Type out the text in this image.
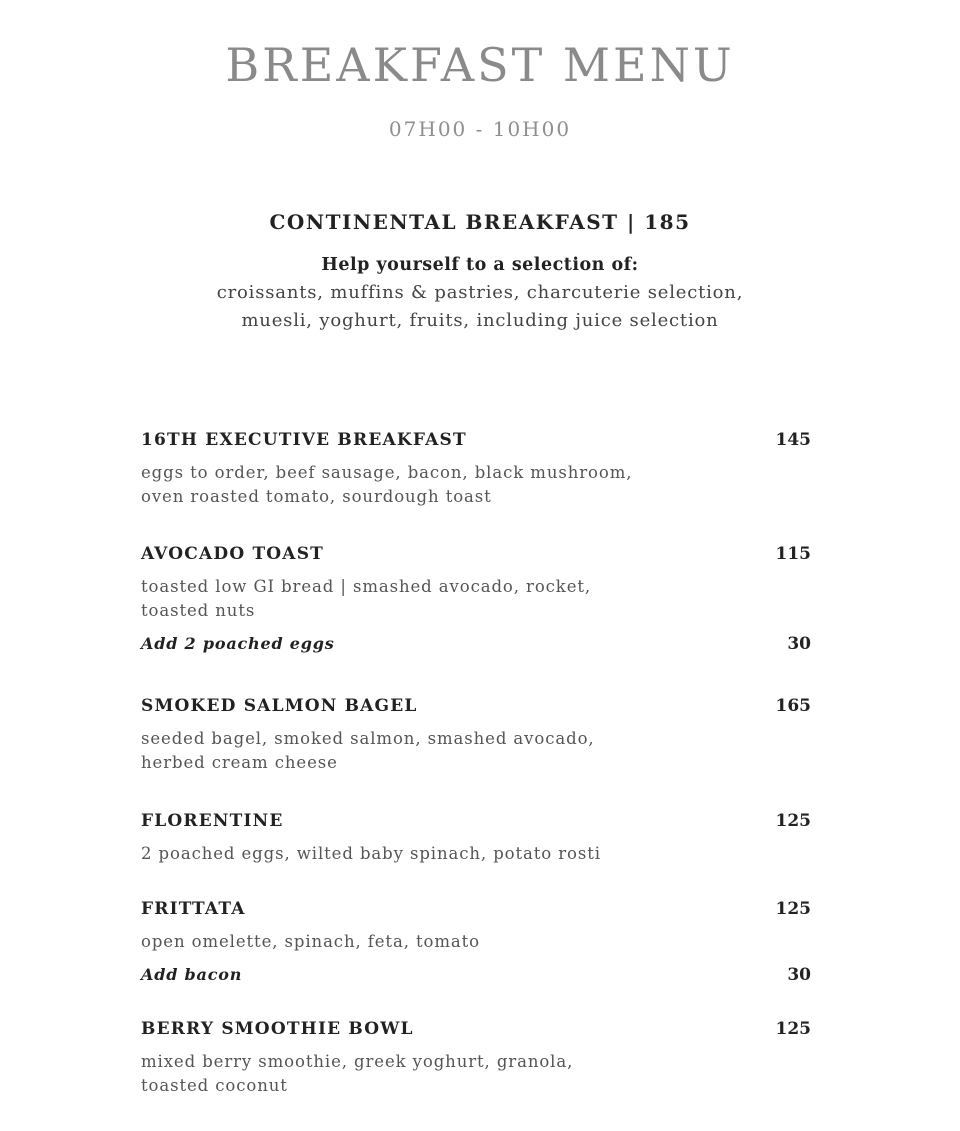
BREAKFAST MENU
07H00 - 10H00
CONTINENTAL BREAKFAST | 185
Help yourself to a selection of:
croissants, muffins & pastries, charcuterie selection,
muesli, yoghurt, fruits, including juice selection
16TH EXECUTIVE BREAKFAST	145
eggs to order, beef sausage, bacon, black mushroom,
oven roasted tomato, sourdough toast
AVOCADO TOAST	115
toasted low GI bread | smashed avocado, rocket,
toasted nuts
Add 2 poached eggs	30
SMOKED SALMON BAGEL	165
seeded bagel, smoked salmon, smashed avocado,
herbed cream cheese
FLORENTINE	125
2 poached eggs, wilted baby spinach, potato rosti
FRITTATA	125
open omelette, spinach, feta, tomato
Add bacon	30
BERRY SMOOTHIE BOWL	125
mixed berry smoothie, greek yoghurt, granola,
toasted coconut
